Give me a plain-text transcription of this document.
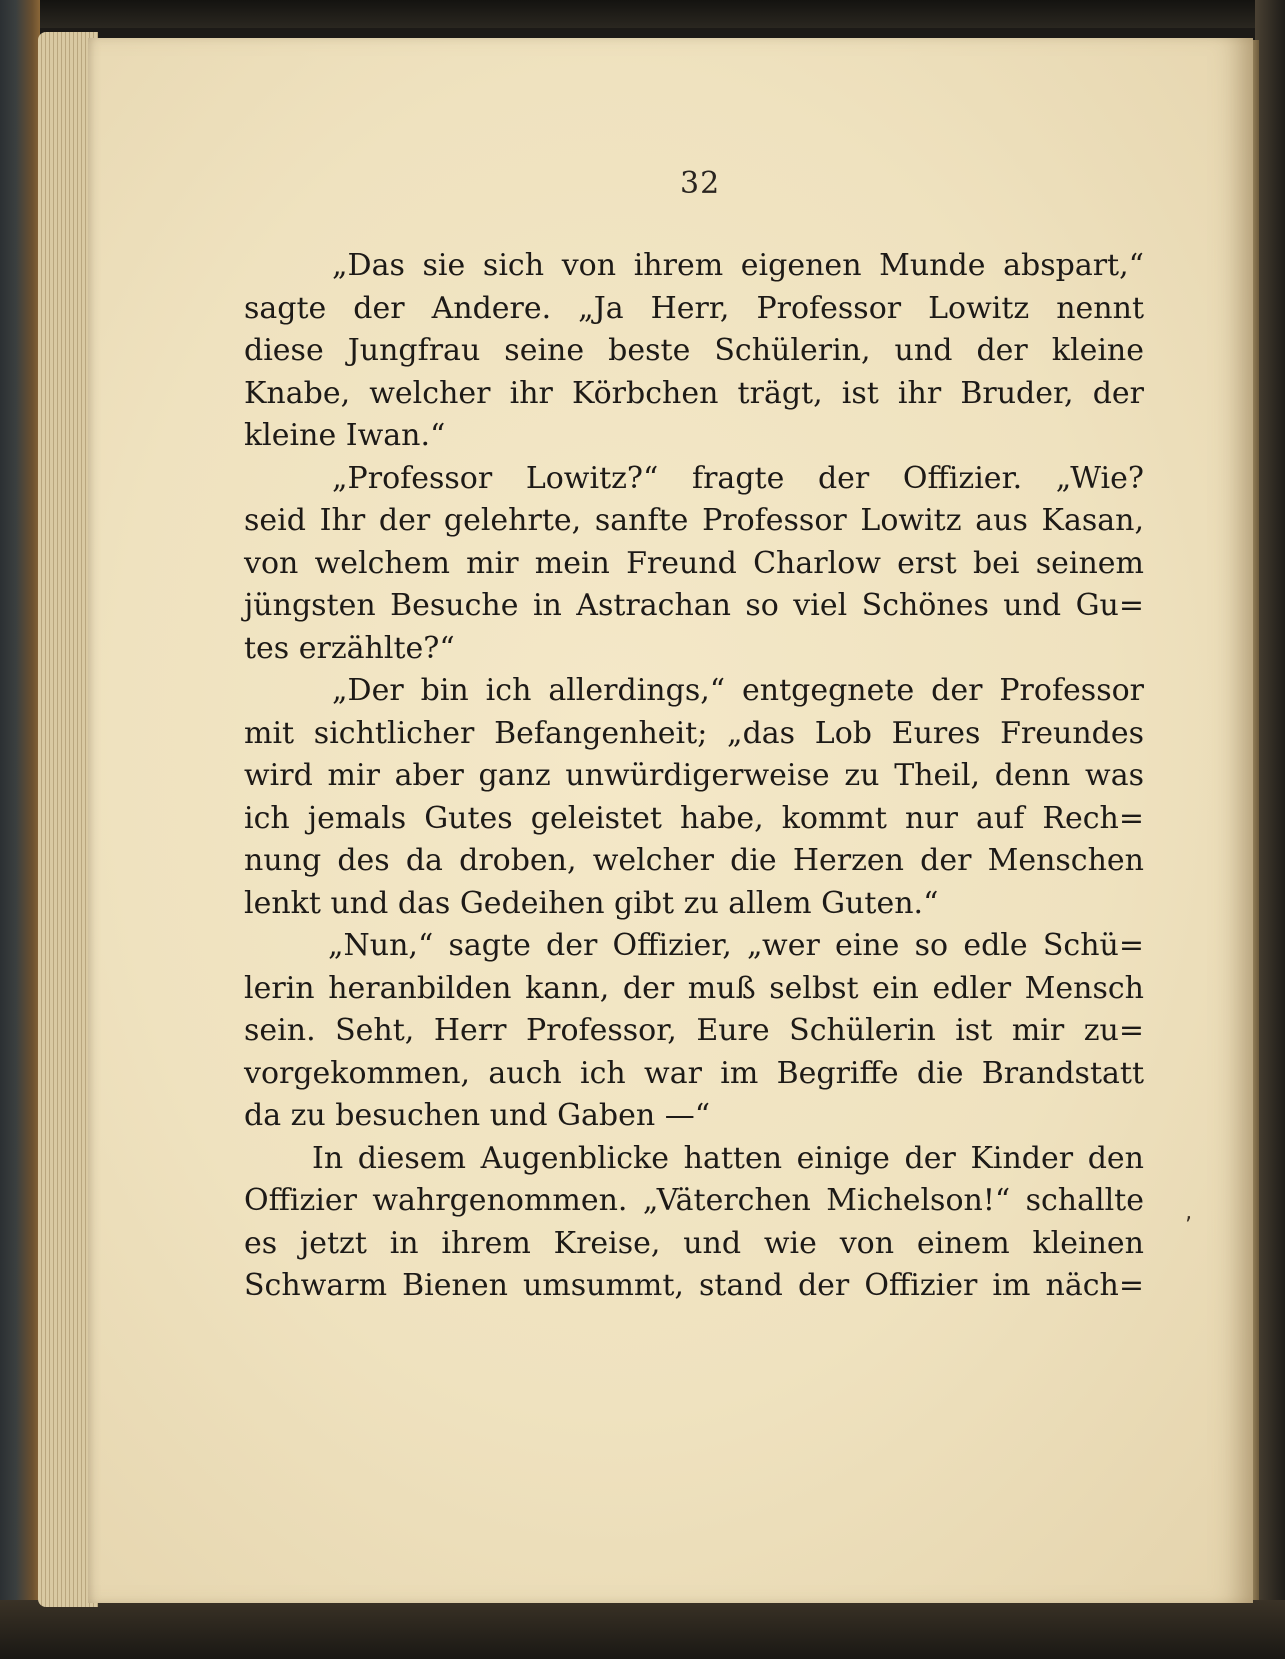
32
„Das sie sich von ihrem eigenen Munde abspart,“
sagte der Andere. „Ja Herr, Professor Lowitz nennt
diese Jungfrau seine beste Schülerin, und der kleine
Knabe, welcher ihr Körbchen trägt, ist ihr Bruder, der
kleine Iwan.“
„Professor Lowitz?“ fragte der Offizier. „Wie?
seid Ihr der gelehrte, sanfte Professor Lowitz aus Kasan,
von welchem mir mein Freund Charlow erst bei seinem
jüngsten Besuche in Astrachan so viel Schönes und Gu=
tes erzählte?“
„Der bin ich allerdings,“ entgegnete der Professor
mit sichtlicher Befangenheit; „das Lob Eures Freundes
wird mir aber ganz unwürdigerweise zu Theil, denn was
ich jemals Gutes geleistet habe, kommt nur auf Rech=
nung des da droben, welcher die Herzen der Menschen
lenkt und das Gedeihen gibt zu allem Guten.“
„Nun,“ sagte der Offizier, „wer eine so edle Schü=
lerin heranbilden kann, der muß selbst ein edler Mensch
sein. Seht, Herr Professor, Eure Schülerin ist mir zu=
vorgekommen, auch ich war im Begriffe die Brandstatt
da zu besuchen und Gaben —“
In diesem Augenblicke hatten einige der Kinder den
Offizier wahrgenommen. „Väterchen Michelson!“ schallte
es jetzt in ihrem Kreise, und wie von einem kleinen
Schwarm Bienen umsummt, stand der Offizier im näch=
‚
